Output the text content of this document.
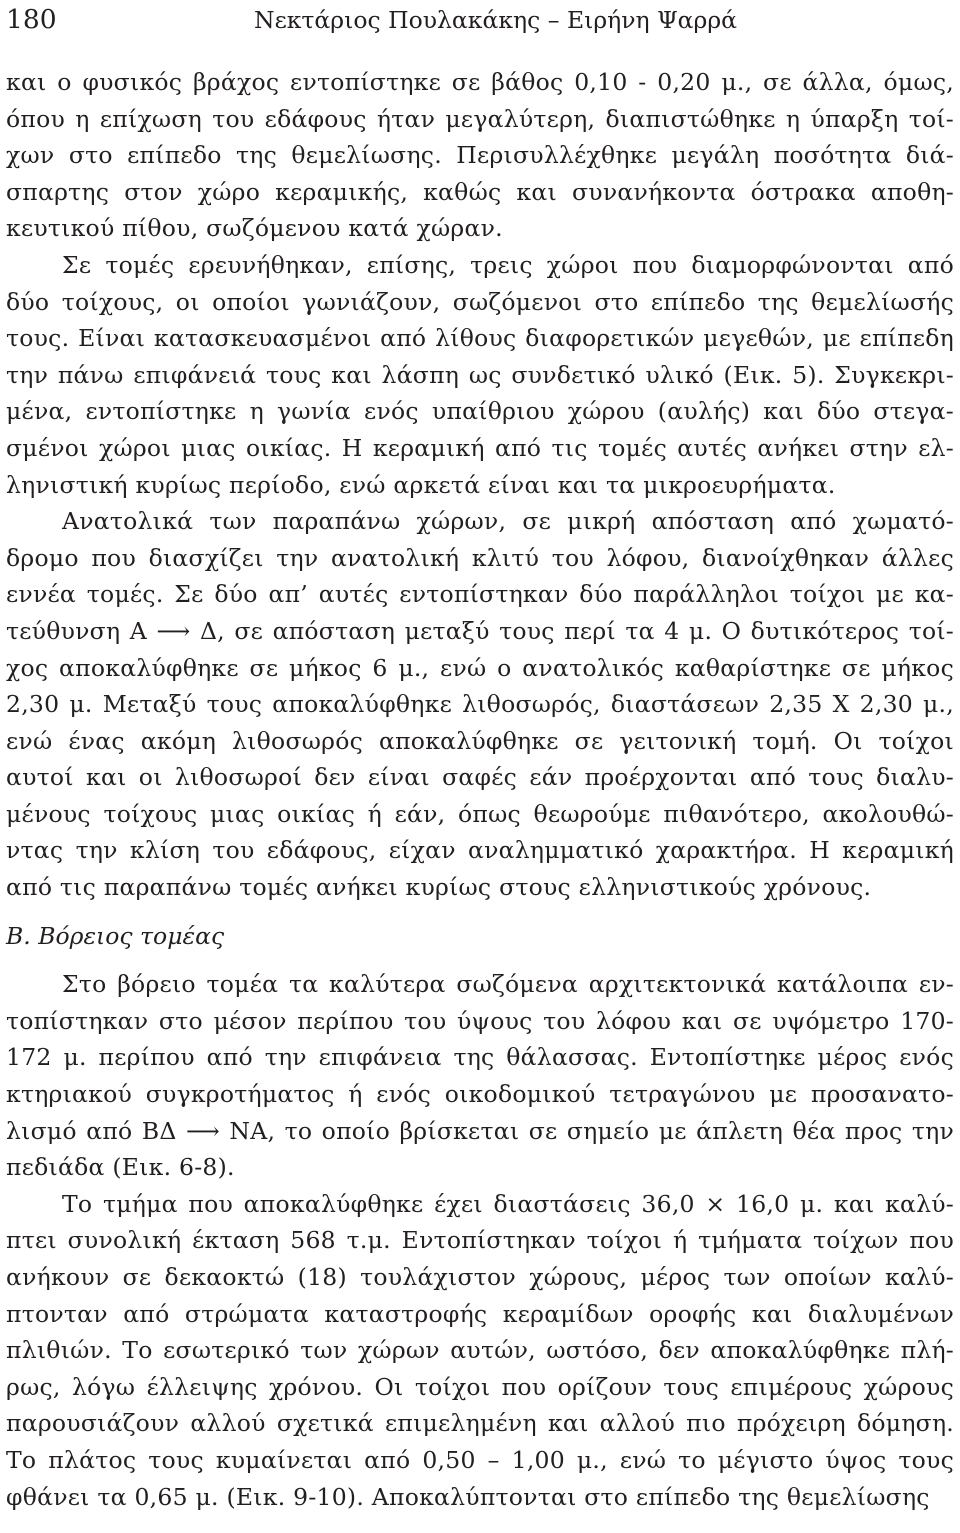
180	Νεκτάριος Πουλακάκης – Ειρήνη Ψαρρά
και ο φυσικός βράχος εντοπίστηκε σε βάθος 0,10 - 0,20 μ., σε άλλα, όμως,
όπου η επίχωση του εδάφους ήταν μεγαλύτερη, διαπιστώθηκε η ύπαρξη τοί-
χων στο επίπεδο της θεμελίωσης. Περισυλλέχθηκε μεγάλη ποσότητα διά-
σπαρτης στον χώρο κεραμικής, καθώς και συνανήκοντα όστρακα αποθη-
κευτικού πίθου, σωζόμενου κατά χώραν.
Σε τομές ερευνήθηκαν, επίσης, τρεις χώροι που διαμορφώνονται από
δύο τοίχους, οι οποίοι γωνιάζουν, σωζόμενοι στο επίπεδο της θεμελίωσής
τους. Είναι κατασκευασμένοι από λίθους διαφορετικών μεγεθών, με επίπεδη
την πάνω επιφάνειά τους και λάσπη ως συνδετικό υλικό (Εικ. 5). Συγκεκρι-
μένα, εντοπίστηκε η γωνία ενός υπαίθριου χώρου (αυλής) και δύο στεγα-
σμένοι χώροι μιας οικίας. Η κεραμική από τις τομές αυτές ανήκει στην ελ-
ληνιστική κυρίως περίοδο, ενώ αρκετά είναι και τα μικροευρήματα.
Ανατολικά των παραπάνω χώρων, σε μικρή απόσταση από χωματό-
δρομο που διασχίζει την ανατολική κλιτύ του λόφου, διανοίχθηκαν άλλες
εννέα τομές. Σε δύο απ’ αυτές εντοπίστηκαν δύο παράλληλοι τοίχοι με κα-
τεύθυνση Α ⟶ Δ, σε απόσταση μεταξύ τους περί τα 4 μ. Ο δυτικότερος τοί-
χος αποκαλύφθηκε σε μήκος 6 μ., ενώ ο ανατολικός καθαρίστηκε σε μήκος
2,30 μ. Μεταξύ τους αποκαλύφθηκε λιθοσωρός, διαστάσεων 2,35 Χ 2,30 μ.,
ενώ ένας ακόμη λιθοσωρός αποκαλύφθηκε σε γειτονική τομή. Οι τοίχοι
αυτοί και οι λιθοσωροί δεν είναι σαφές εάν προέρχονται από τους διαλυ-
μένους τοίχους μιας οικίας ή εάν, όπως θεωρούμε πιθανότερο, ακολουθώ-
ντας την κλίση του εδάφους, είχαν αναλημματικό χαρακτήρα. Η κεραμική
από τις παραπάνω τομές ανήκει κυρίως στους ελληνιστικούς χρόνους.
Β. Βόρειος τομέας
Στο βόρειο τομέα τα καλύτερα σωζόμενα αρχιτεκτονικά κατάλοιπα εν-
τοπίστηκαν στο μέσον περίπου του ύψους του λόφου και σε υψόμετρο 170-
172 μ. περίπου από την επιφάνεια της θάλασσας. Εντοπίστηκε μέρος ενός
κτηριακού συγκροτήματος ή ενός οικοδομικού τετραγώνου με προσανατο-
λισμό από ΒΔ ⟶ ΝΑ, το οποίο βρίσκεται σε σημείο με άπλετη θέα προς την
πεδιάδα (Εικ. 6-8).
Το τμήμα που αποκαλύφθηκε έχει διαστάσεις 36,0 × 16,0 μ. και καλύ-
πτει συνολική έκταση 568 τ.μ. Εντοπίστηκαν τοίχοι ή τμήματα τοίχων που
ανήκουν σε δεκαοκτώ (18) τουλάχιστον χώρους, μέρος των οποίων καλύ-
πτονταν από στρώματα καταστροφής κεραμίδων οροφής και διαλυμένων
πλιθιών. Το εσωτερικό των χώρων αυτών, ωστόσο, δεν αποκαλύφθηκε πλή-
ρως, λόγω έλλειψης χρόνου. Οι τοίχοι που ορίζουν τους επιμέρους χώρους
παρουσιάζουν αλλού σχετικά επιμελημένη και αλλού πιο πρόχειρη δόμηση.
Το πλάτος τους κυμαίνεται από 0,50 – 1,00 μ., ενώ το μέγιστο ύψος τους
φθάνει τα 0,65 μ. (Εικ. 9-10). Αποκαλύπτονται στο επίπεδο της θεμελίωσης
